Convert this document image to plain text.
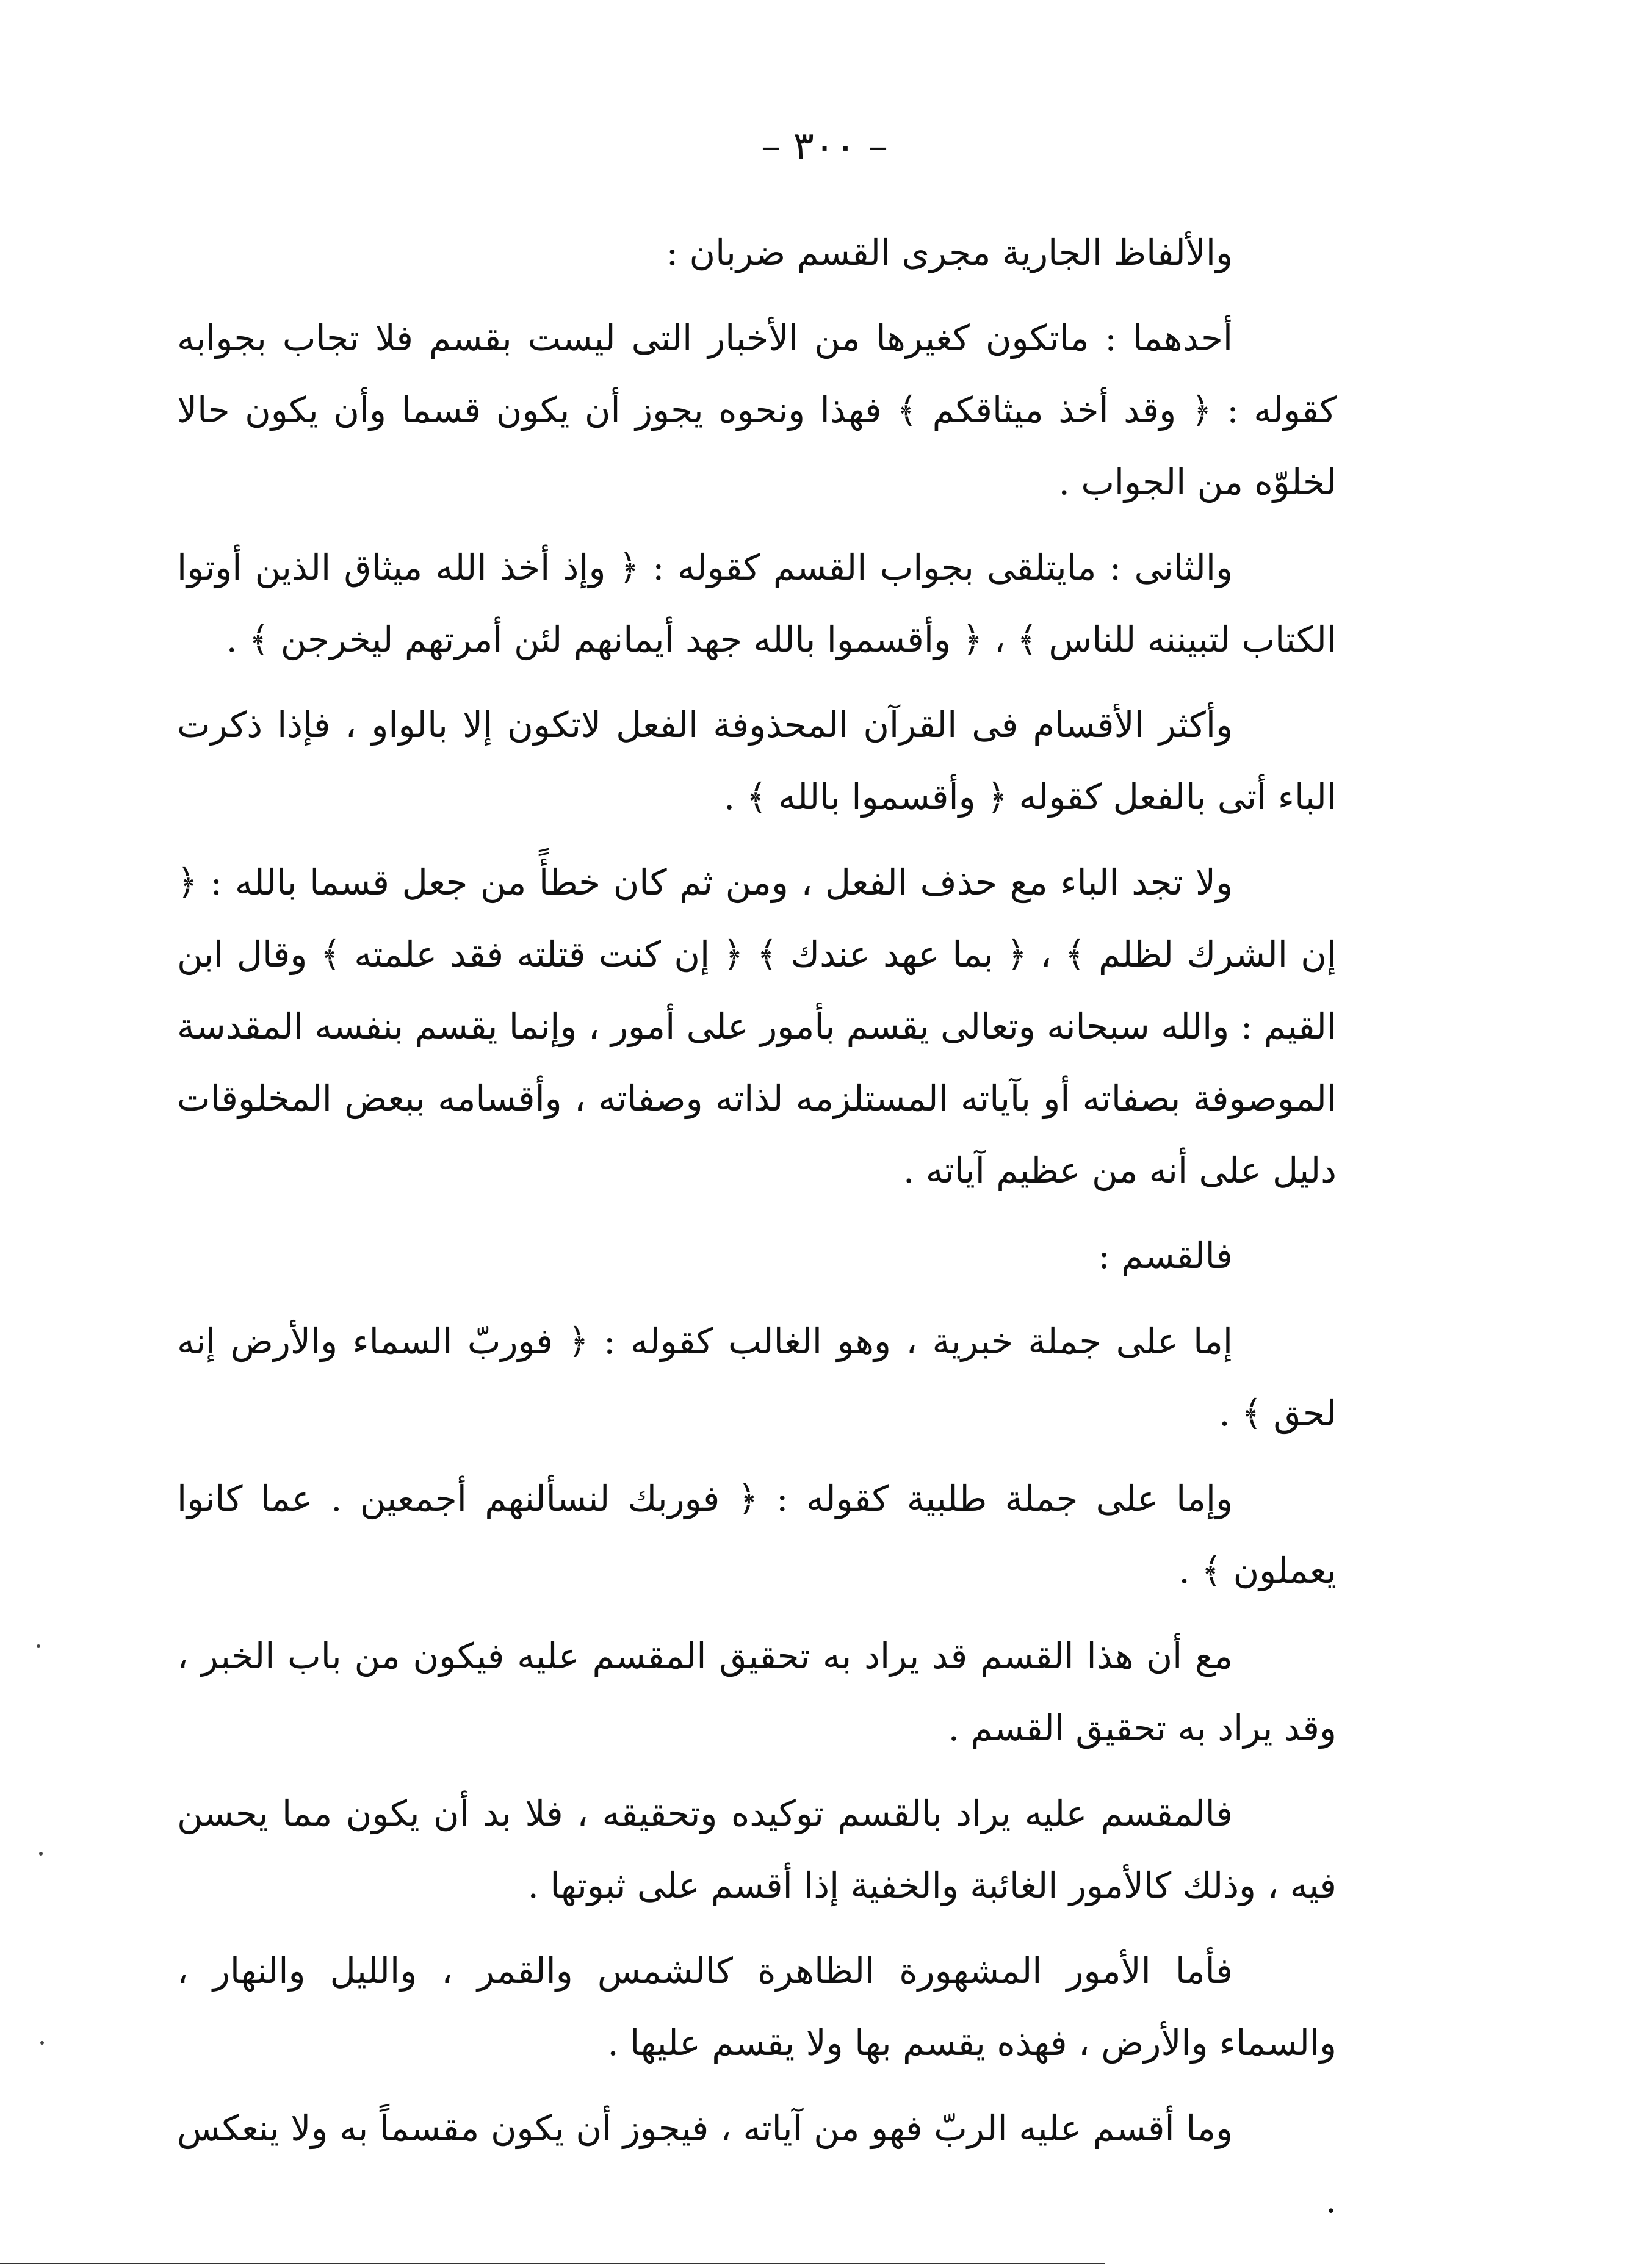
– ٣٠٠ –

والألفاظ الجارية مجرى القسم ضربان :

أحدهما : ماتكون كغيرها من الأخبار التى ليست بقسم فلا تجاب بجوابه كقوله : ﴿ وقد أخذ ميثاقكم ﴾ فهذا ونحوه يجوز أن يكون قسما وأن يكون حالا لخلوّه من الجواب .

والثانى : مايتلقى بجواب القسم كقوله : ﴿ وإذ أخذ الله ميثاق الذين أوتوا الكتاب لتبيننه للناس ﴾ ، ﴿ وأقسموا بالله جهد أيمانهم لئن أمرتهم ليخرجن ﴾ .

وأكثر الأقسام فى القرآن المحذوفة الفعل لاتكون إلا بالواو ، فإذا ذكرت الباء أتى بالفعل كقوله ﴿ وأقسموا بالله ﴾ .

ولا تجد الباء مع حذف الفعل ، ومن ثم كان خطأً من جعل قسما بالله : ﴿ إن الشرك لظلم ﴾ ، ﴿ بما عهد عندك ﴾ ﴿ إن كنت قتلته فقد علمته ﴾ وقال ابن القيم : والله سبحانه وتعالى يقسم بأمور على أمور ، وإنما يقسم بنفسه المقدسة الموصوفة بصفاته أو بآياته المستلزمه لذاته وصفاته ، وأقسامه ببعض المخلوقات دليل على أنه من عظيم آياته .

فالقسم :

إما على جملة خبرية ، وهو الغالب كقوله : ﴿ فوربّ السماء والأرض إنه لحق ﴾ .

وإما على جملة طلبية كقوله : ﴿ فوربك لنسألنهم أجمعين . عما كانوا يعملون ﴾ .

مع أن هذا القسم قد يراد به تحقيق المقسم عليه فيكون من باب الخبر ، وقد يراد به تحقيق القسم .

فالمقسم عليه يراد بالقسم توكيده وتحقيقه ، فلا بد أن يكون مما يحسن فيه ، وذلك كالأمور الغائبة والخفية إذا أقسم على ثبوتها .

فأما الأمور المشهورة الظاهرة كالشمس والقمر ، والليل والنهار ، والسماء والأرض ، فهذه يقسم بها ولا يقسم عليها .

وما أقسم عليه الربّ فهو من آياته ، فيجوز أن يكون مقسماً به ولا ينعكس .
